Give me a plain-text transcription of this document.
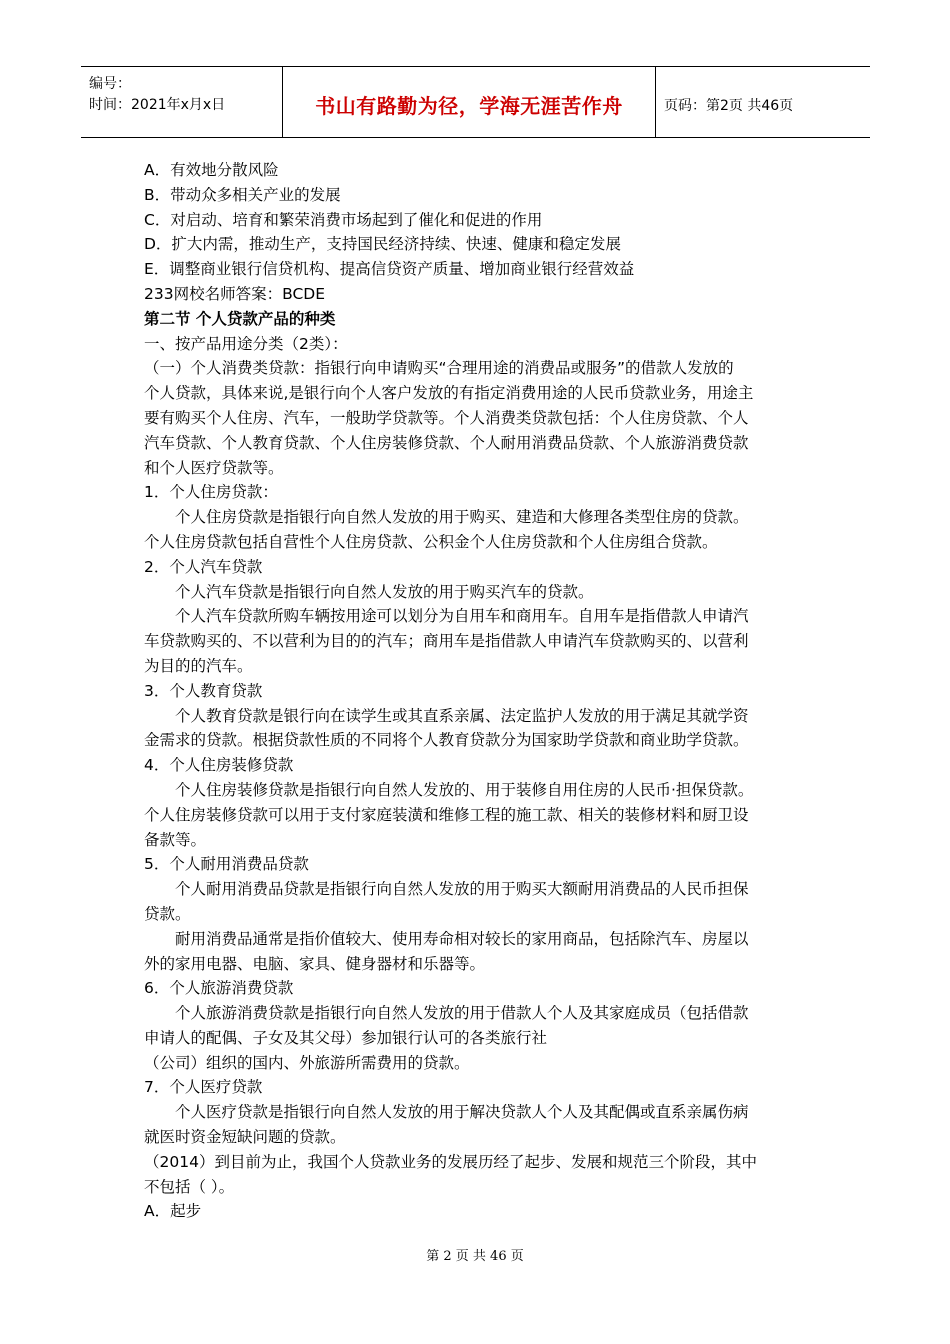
编号：
时间：2021年x月x日	书山有路勤为径，学海无涯苦作舟	页码：第2页 共46页
A．有效地分散风险
B．带动众多相关产业的发展
C．对启动、培育和繁荣消费市场起到了催化和促进的作用
D．扩大内需，推动生产，支持国民经济持续、快速、健康和稳定发展
E．调整商业银行信贷机构、提高信贷资产质量、增加商业银行经营效益
233网校名师答案：BCDE
第二节 个人贷款产品的种类
一、按产品用途分类（2类）：
（一）个人消费类贷款：指银行向申请购买“合理用途的消费品或服务”的借款人发放的
个人贷款，具体来说,是银行向个人客户发放的有指定消费用途的人民币贷款业务，用途主
要有购买个人住房、汽车，一般助学贷款等。个人消费类贷款包括：个人住房贷款、个人
汽车贷款、个人教育贷款、个人住房装修贷款、个人耐用消费品贷款、个人旅游消费贷款
和个人医疗贷款等。
1．个人住房贷款：
个人住房贷款是指银行向自然人发放的用于购买、建造和大修理各类型住房的贷款。
个人住房贷款包括自营性个人住房贷款、公积金个人住房贷款和个人住房组合贷款。
2．个人汽车贷款
个人汽车贷款是指银行向自然人发放的用于购买汽车的贷款。
个人汽车贷款所购车辆按用途可以划分为自用车和商用车。自用车是指借款人申请汽
车贷款购买的、不以营利为目的的汽车；商用车是指借款人申请汽车贷款购买的、以营利
为目的的汽车。
3．个人教育贷款
个人教育贷款是银行向在读学生或其直系亲属、法定监护人发放的用于满足其就学资
金需求的贷款。根据贷款性质的不同将个人教育贷款分为国家助学贷款和商业助学贷款。
4．个人住房装修贷款
个人住房装修贷款是指银行向自然人发放的、用于装修自用住房的人民币·担保贷款。
个人住房装修贷款可以用于支付家庭装潢和维修工程的施工款、相关的装修材料和厨卫设
备款等。
5．个人耐用消费品贷款
个人耐用消费品贷款是指银行向自然人发放的用于购买大额耐用消费品的人民币担保
贷款。
耐用消费品通常是指价值较大、使用寿命相对较长的家用商品，包括除汽车、房屋以
外的家用电器、电脑、家具、健身器材和乐器等。
6．个人旅游消费贷款
个人旅游消费贷款是指银行向自然人发放的用于借款人个人及其家庭成员（包括借款
申请人的配偶、子女及其父母）参加银行认可的各类旅行社
（公司）组织的国内、外旅游所需费用的贷款。
7．个人医疗贷款
个人医疗贷款是指银行向自然人发放的用于解决贷款人个人及其配偶或直系亲属伤病
就医时资金短缺问题的贷款。
（2014）到目前为止，我国个人贷款业务的发展历经了起步、发展和规范三个阶段，其中
不包括（ ）。
A．起步
第 2 页 共 46 页
